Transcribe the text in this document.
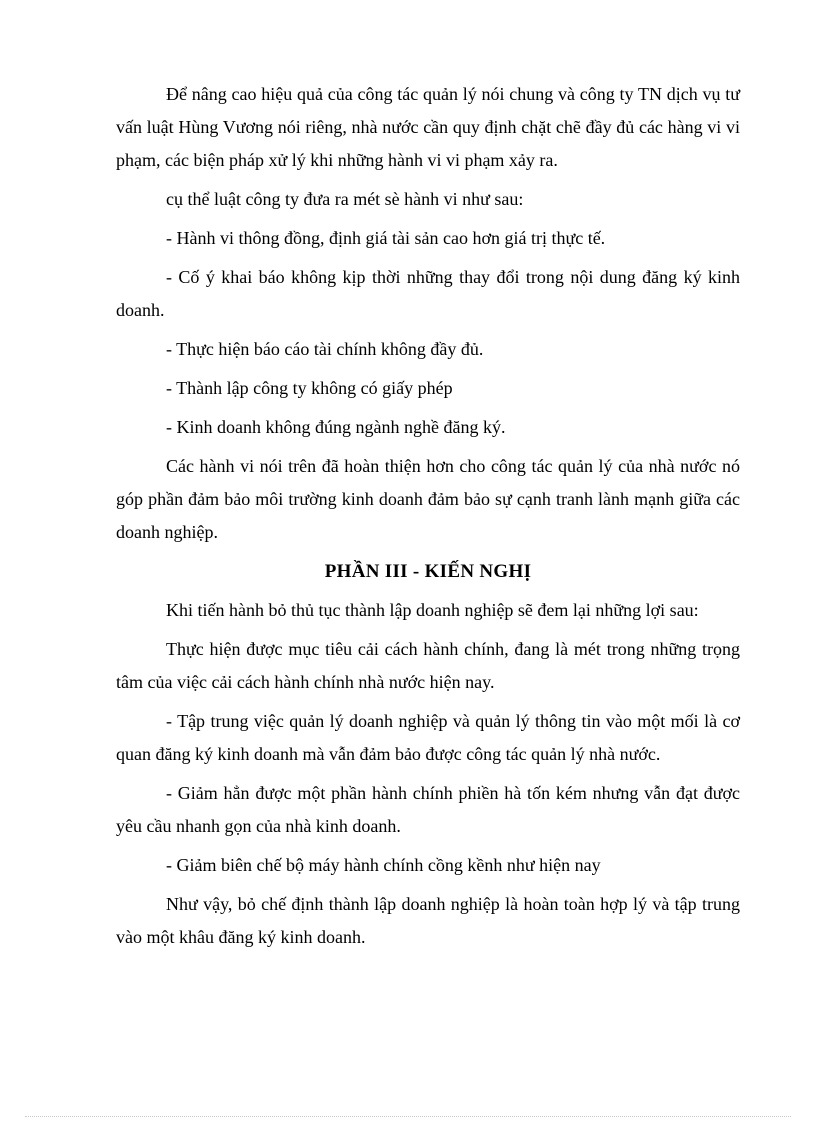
Để nâng cao hiệu quả của công tác quản lý nói chung và công ty TN dịch vụ tư vấn luật Hùng Vương nói riêng, nhà nước cần quy định chặt chẽ đầy đủ các hàng vi vi phạm, các biện pháp xử lý khi những hành vi vi phạm xảy ra.

cụ thể luật công ty đưa ra mét sè hành vi như sau:

- Hành vi thông đồng, định giá tài sản cao hơn giá trị thực tế.

- Cố ý khai báo không kịp thời những thay đổi trong nội dung đăng ký kinh doanh.

- Thực hiện báo cáo tài chính không đầy đủ.

- Thành lập công ty không có giấy phép

- Kinh doanh không đúng ngành nghề đăng ký.

Các hành vi nói trên đã hoàn thiện hơn cho công tác quản lý của nhà nước nó góp phần đảm bảo môi trường kinh doanh đảm bảo sự cạnh tranh lành mạnh giữa các doanh nghiệp.

PHẦN III - KIẾN NGHỊ

Khi tiến hành bỏ thủ tục thành lập doanh nghiệp sẽ đem lại những lợi sau:

Thực hiện được mục tiêu cải cách hành chính, đang là mét trong những trọng tâm của việc cải cách hành chính nhà nước hiện nay.

- Tập trung việc quản lý doanh nghiệp và quản lý thông tin vào một mối là cơ quan đăng ký kinh doanh mà vẫn đảm bảo được công tác quản lý nhà nước.

- Giảm hẳn được một phần hành chính phiền hà tốn kém nhưng vẫn đạt được yêu cầu nhanh gọn của nhà kinh doanh.

- Giảm biên chế bộ máy hành chính cồng kềnh như hiện nay

Như vậy, bỏ chế định thành lập doanh nghiệp là hoàn toàn hợp lý và tập trung vào một khâu đăng ký kinh doanh.
